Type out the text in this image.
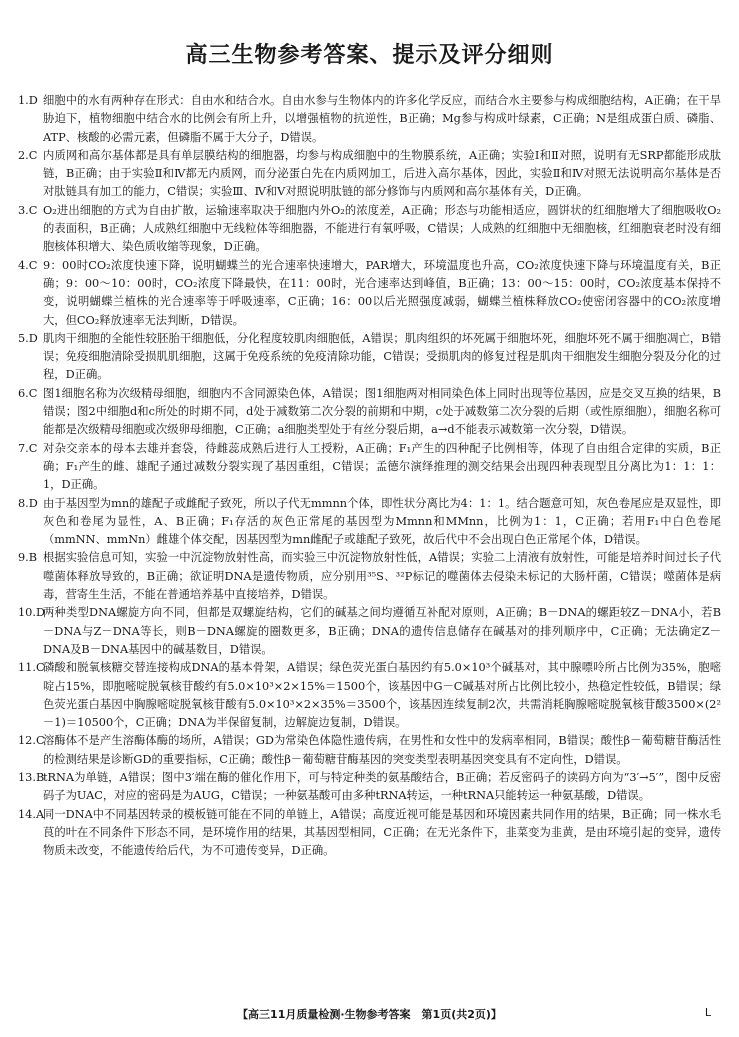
高三生物参考答案、提示及评分细则
1.D 细胞中的水有两种存在形式：自由水和结合水。自由水参与生物体内的许多化学反应，而结合水主要参与构成细胞结构，A正确；在干旱胁迫下，植物细胞中结合水的比例会有所上升，以增强植物的抗逆性，B正确；Mg参与构成叶绿素，C正确；N是组成蛋白质、磷脂、ATP、核酸的必需元素，但磷脂不属于大分子，D错误。
2.C 内质网和高尔基体都是具有单层膜结构的细胞器，均参与构成细胞中的生物膜系统，A正确；实验Ⅰ和Ⅱ对照，说明有无SRP都能形成肽链，B正确；由于实验Ⅱ和Ⅳ都无内质网，而分泌蛋白先在内质网加工，后进入高尔基体，因此，实验Ⅱ和Ⅳ对照无法说明高尔基体是否对肽链具有加工的能力，C错误；实验Ⅲ、Ⅳ和Ⅴ对照说明肽链的部分修饰与内质网和高尔基体有关，D正确。
3.C O₂进出细胞的方式为自由扩散，运输速率取决于细胞内外O₂的浓度差，A正确；形态与功能相适应，圆饼状的红细胞增大了细胞吸收O₂的表面积，B正确；人成熟红细胞中无线粒体等细胞器，不能进行有氧呼吸，C错误；人成熟的红细胞中无细胞核，红细胞衰老时没有细胞核体积增大、染色质收缩等现象，D正确。
4.C 9：00时CO₂浓度快速下降，说明蝴蝶兰的光合速率快速增大，PAR增大，环境温度也升高，CO₂浓度快速下降与环境温度有关，B正确；9：00～10：00时，CO₂浓度下降最快，在11：00时，光合速率达到峰值，B正确；13：00～15：00时，CO₂浓度基本保持不变，说明蝴蝶兰植株的光合速率等于呼吸速率，C正确；16：00以后光照强度减弱，蝴蝶兰植株释放CO₂使密闭容器中的CO₂浓度增大，但CO₂释放速率无法判断，D错误。
5.D 肌肉干细胞的全能性较胚胎干细胞低，分化程度较肌肉细胞低，A错误；肌肉组织的坏死属于细胞坏死，细胞坏死不属于细胞凋亡，B错误；免疫细胞清除受损肌肌细胞，这属于免疫系统的免疫清除功能，C错误；受损肌肉的修复过程是肌肉干细胞发生细胞分裂及分化的过程，D正确。
6.C 图1细胞名称为次级精母细胞，细胞内不含同源染色体，A错误；图1细胞两对相同染色体上同时出现等位基因，应是交叉互换的结果，B错误；图2中细胞d和c所处的时期不同，d处于减数第二次分裂的前期和中期，c处于减数第二次分裂的后期（或性原细胞），细胞名称可能都是次级精母细胞或次级卵母细胞，C正确；a细胞类型处于有丝分裂后期，a→d不能表示减数第一次分裂，D错误。
7.C 对杂交亲本的母本去雄并套袋，待雌蕊成熟后进行人工授粉，A正确；F₁产生的四种配子比例相等，体现了自由组合定律的实质，B正确；F₁产生的雌、雄配子通过减数分裂实现了基因重组，C错误；孟德尔演绎推理的测交结果会出现四种表现型且分离比为1：1：1：1，D正确。
8.D 由于基因型为mn的雄配子或雌配子致死，所以子代无mmnn个体，即性状分离比为4：1：1。结合题意可知，灰色卷尾应是双显性，即灰色和卷尾为显性，A、B正确；F₁存活的灰色正常尾的基因型为Mmnn和MMnn，比例为1：1，C正确；若用F₁中白色卷尾（mmNN、mmNn）雌雄个体交配，因基因型为mn雌配子或雄配子致死，故后代中不会出现白色正常尾个体，D错误。
9.B 根据实验信息可知，实验一中沉淀物放射性高，而实验三中沉淀物放射性低，A错误；实验二上清液有放射性，可能是培养时间过长子代噬菌体释放导致的，B正确；欲证明DNA是遗传物质，应分别用³⁵S、³²P标记的噬菌体去侵染未标记的大肠杆菌，C错误；噬菌体是病毒，营寄生生活，不能在普通培养基中直接培养，D错误。
10.D
两种类型DNA螺旋方向不同，但都是双螺旋结构，它们的碱基之间均遵循互补配对原则，A正确；B－DNA的螺距较Z－DNA小，若B－DNA与Z－DNA等长，则B－DNA螺旋的圈数更多，B正确；DNA的遗传信息储存在碱基对的排列顺序中，C正确；无法确定Z－DNA及B－DNA基因中的碱基数目，D错误。
11.C
磷酸和脱氧核糖交替连接构成DNA的基本骨架，A错误；绿色荧光蛋白基因约有5.0×10³个碱基对，其中腺嘌呤所占比例为35%，胞嘧啶占15%，即胞嘧啶脱氧核苷酸约有5.0×10³×2×15%＝1500个，该基因中G－C碱基对所占比例比较小，热稳定性较低，B错误；绿色荧光蛋白基因中胸腺嘧啶脱氧核苷酸有5.0×10³×2×35%＝3500个，该基因连续复制2次，共需消耗胸腺嘧啶脱氧核苷酸3500×(2²－1)＝10500个，C正确；DNA为半保留复制，边解旋边复制，D错误。
12.C
溶酶体不是产生溶酶体酶的场所，A错误；GD为常染色体隐性遗传病，在男性和女性中的发病率相同，B错误；酸性β－葡萄糖苷酶活性的检测结果是诊断GD的重要指标，C正确；酸性β－葡萄糖苷酶基因的突变类型表明基因突变具有不定向性，D错误。
13.B
tRNA为单链，A错误；图中3′端在酶的催化作用下，可与特定种类的氨基酸结合，B正确；若反密码子的读码方向为“3′→5′”，图中反密码子为UAC，对应的密码是为AUG，C错误；一种氨基酸可由多种tRNA转运，一种tRNA只能转运一种氨基酸，D错误。
14.A
同一DNA中不同基因转录的模板链可能在不同的单链上，A错误；高度近视可能是基因和环境因素共同作用的结果，B正确；同一株水毛茛的叶在不同条件下形态不同，是环境作用的结果，其基因型相同，C正确；在无光条件下，韭菜变为韭黄，是由环境引起的变异，遗传物质未改变，不能遗传给后代，为不可遗传变异，D正确。
【高三11月质量检测·生物参考答案　第1页(共2页)】	L
